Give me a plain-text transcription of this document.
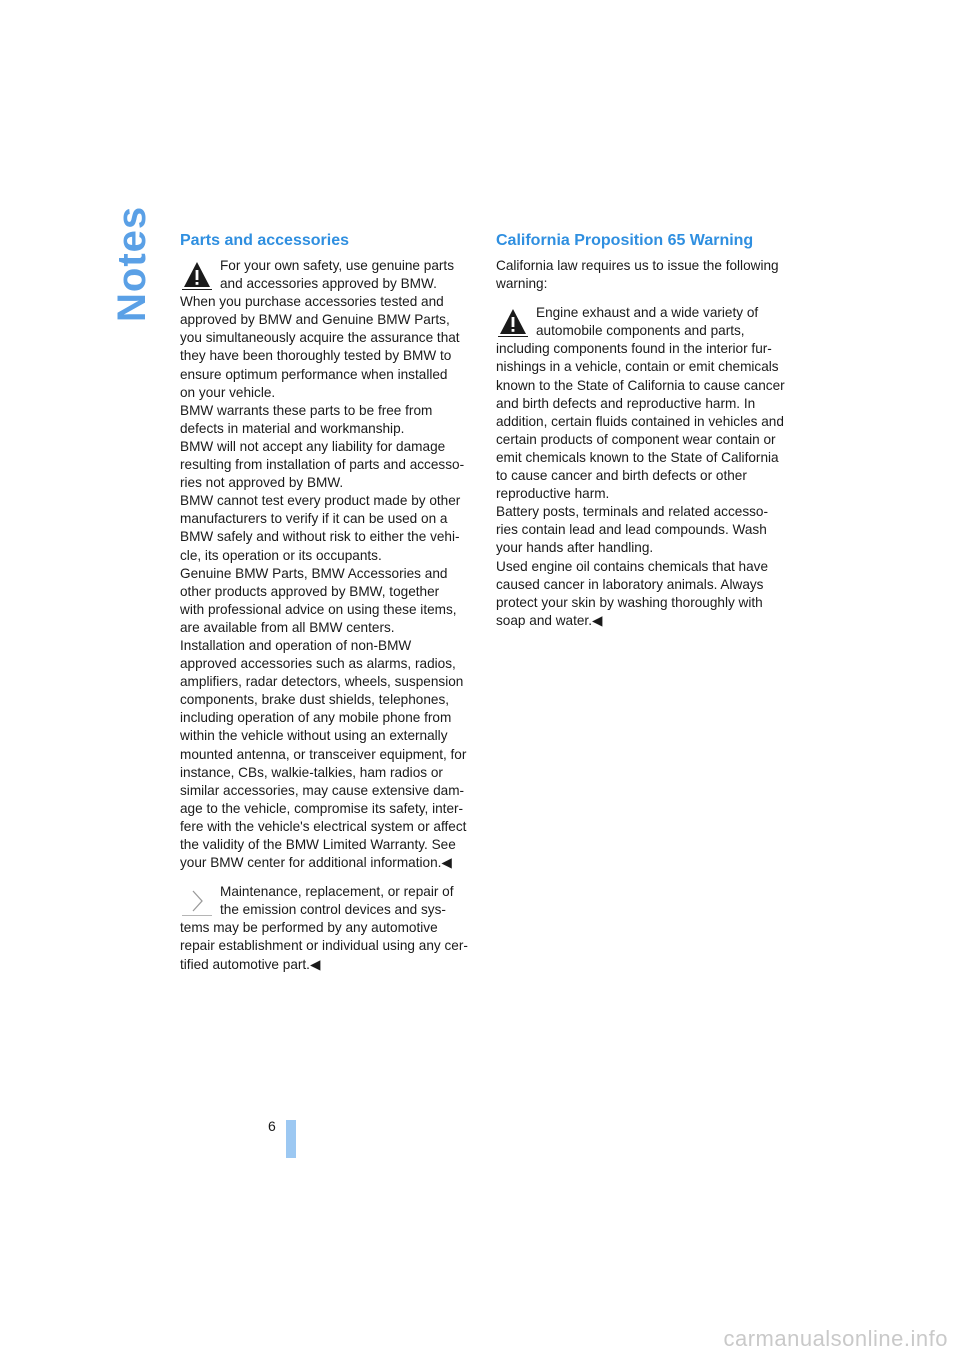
Notes Parts and accessories
For your own safety, use genuine parts
and accessories approved by BMW.
When you purchase accessories tested and
approved by BMW and Genuine BMW Parts,
you simultaneously acquire the assurance that
they have been thoroughly tested by BMW to
ensure optimum performance when installed
on your vehicle.
BMW warrants these parts to be free from
defects in material and workmanship.
BMW will not accept any liability for damage
resulting from installation of parts and accesso-
ries not approved by BMW.
BMW cannot test every product made by other
manufacturers to verify if it can be used on a
BMW safely and without risk to either the vehi-
cle, its operation or its occupants.
Genuine BMW Parts, BMW Accessories and
other products approved by BMW, together
with professional advice on using these items,
are available from all BMW centers.
Installation and operation of non-BMW
approved accessories such as alarms, radios,
amplifiers, radar detectors, wheels, suspension
components, brake dust shields, telephones,
including operation of any mobile phone from
within the vehicle without using an externally
mounted antenna, or transceiver equipment, for
instance, CBs, walkie-talkies, ham radios or
similar accessories, may cause extensive dam-
age to the vehicle, compromise its safety, inter-
fere with the vehicle's electrical system or affect
the validity of the BMW Limited Warranty. See
your BMW center for additional information.◀
Maintenance, replacement, or repair of
the emission control devices and sys-
tems may be performed by any automotive
repair establishment or individual using any cer-
tified automotive part.◀
California Proposition 65 Warning

California law requires us to issue the following
warning:

Engine exhaust and a wide variety of
automobile components and parts,
including components found in the interior fur-
nishings in a vehicle, contain or emit chemicals
known to the State of California to cause cancer
and birth defects and reproductive harm. In
addition, certain fluids contained in vehicles and
certain products of component wear contain or
emit chemicals known to the State of California
to cause cancer and birth defects or other
reproductive harm.
Battery posts, terminals and related accesso-
ries contain lead and lead compounds. Wash
your hands after handling.
Used engine oil contains chemicals that have
caused cancer in laboratory animals. Always
protect your skin by washing thoroughly with
soap and water.◀
6
carmanualsonline.info
